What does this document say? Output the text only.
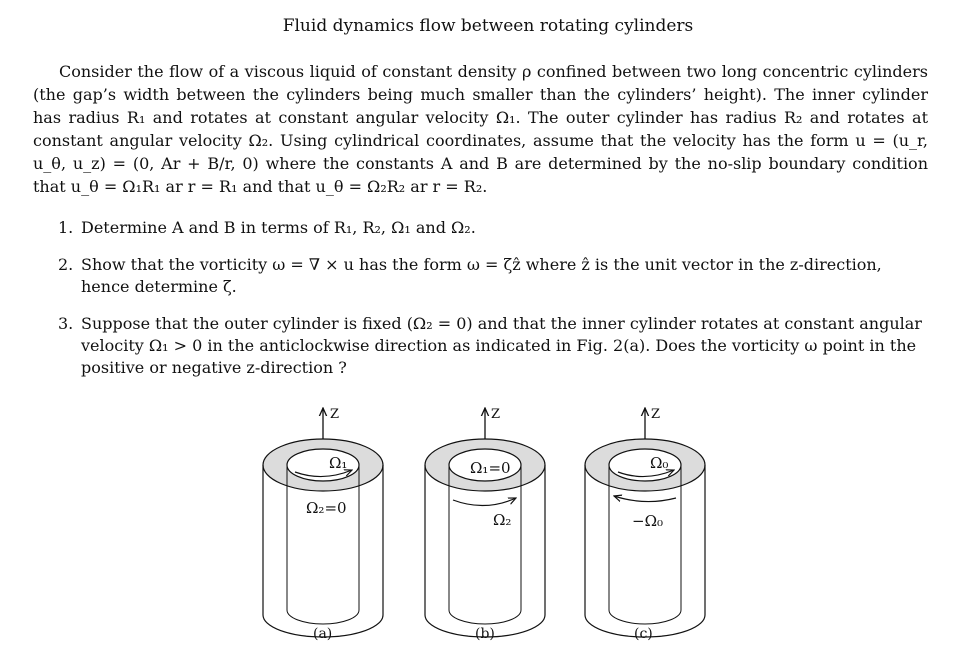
Fluid dynamics flow between rotating cylinders
Consider the flow of a viscous liquid of constant density ρ confined between two long concentric cylinders (the gap’s width between the cylinders being much smaller than the cylinders’ height). The inner cylinder has radius R₁ and rotates at constant angular velocity Ω₁. The outer cylinder has radius R₂ and rotates at constant angular velocity Ω₂. Using cylindrical coordinates, assume that the velocity has the form u = (u_r, u_θ, u_z) = (0, Ar + B/r, 0) where the constants A and B are determined by the no-slip boundary condition that u_θ = Ω₁R₁ ar r = R₁ and that u_θ = Ω₂R₂ ar r = R₂.
1. Determine A and B in terms of R₁, R₂, Ω₁ and Ω₂.
2. Show that the vorticity ω = ∇ × u has the form ω = ζẑ where ẑ is the unit vector in the z-direction, hence determine ζ.
3. Suppose that the outer cylinder is fixed (Ω₂ = 0) and that the inner cylinder rotates at constant angular velocity Ω₁ > 0 in the anticlockwise direction as indicated in Fig. 2(a). Does the vorticity ω point in the positive or negative z-direction ?
Z
Ω₁
Ω₂=0
(a)
Z
Ω₁=0
Ω₂
(b)
Z
Ω₀
−Ω₀
(c)
